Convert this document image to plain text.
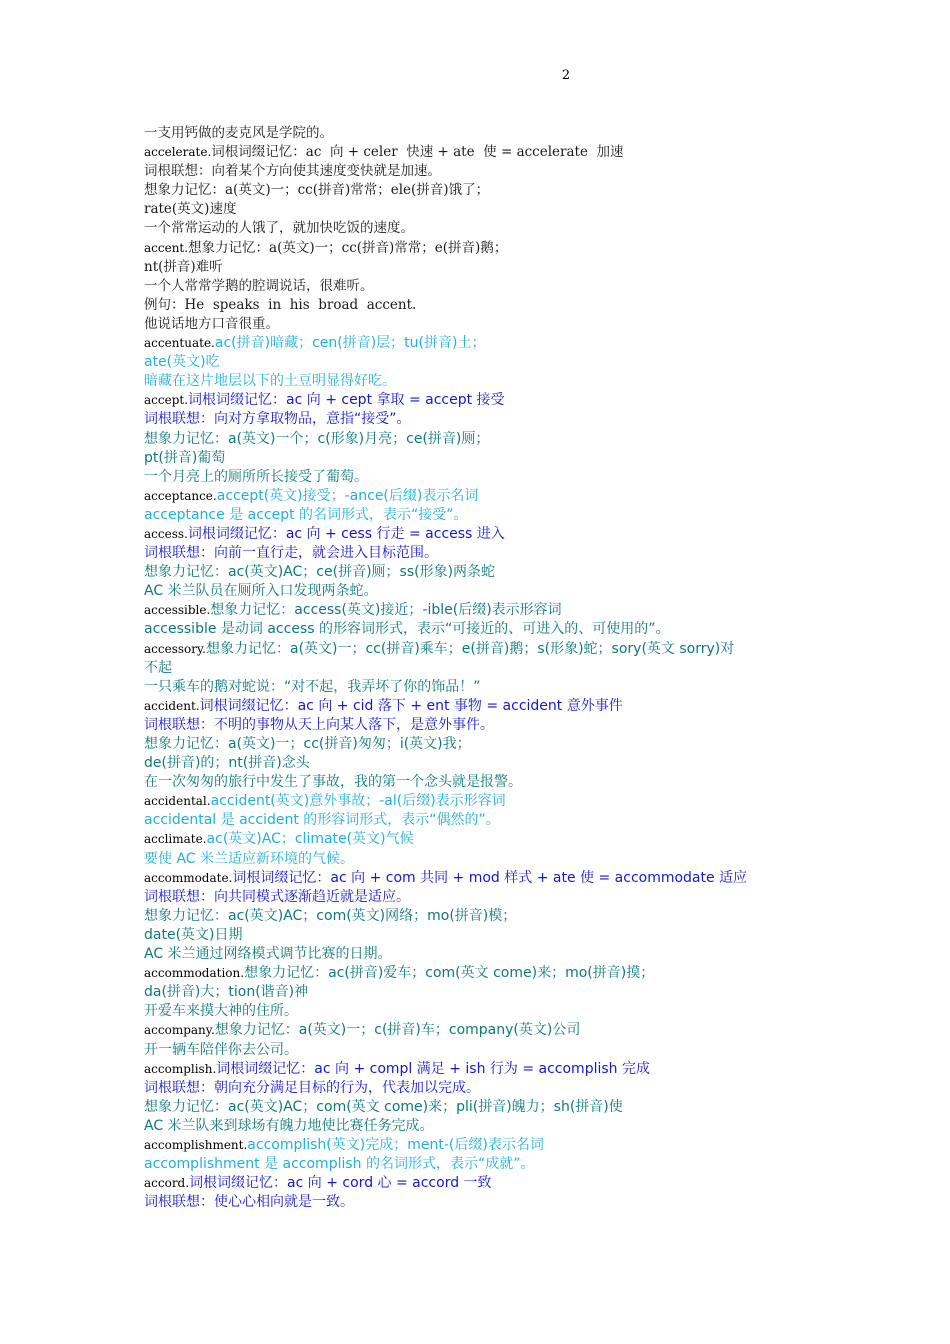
2
一支用钙做的麦克风是学院的。
accelerate.词根词缀记忆：ac  向 + celer  快速 + ate  使 = accelerate  加速
词根联想：向着某个方向使其速度变快就是加速。
想象力记忆：a(英文)一；cc(拼音)常常；ele(拼音)饿了；
rate(英文)速度
一个常常运动的人饿了，就加快吃饭的速度。
accent.想象力记忆：a(英文)一；cc(拼音)常常；e(拼音)鹅；
nt(拼音)难听
一个人常常学鹅的腔调说话，很难听。
例句：He  speaks  in  his  broad  accent.
他说话地方口音很重。
accentuate.ac(拼音)暗藏；cen(拼音)层；tu(拼音)土；
ate(英文)吃
暗藏在这片地层以下的土豆明显得好吃。
accept.词根词缀记忆：ac 向 + cept 拿取 = accept 接受
词根联想：向对方拿取物品，意指“接受”。
想象力记忆：a(英文)一个；c(形象)月亮；ce(拼音)厕；
pt(拼音)葡萄
一个月亮上的厕所所长接受了葡萄。
acceptance.accept(英文)接受；-ance(后缀)表示名词
acceptance 是 accept 的名词形式，表示“接受”。
access.词根词缀记忆：ac 向 + cess 行走 = access 进入
词根联想：向前一直行走，就会进入目标范围。
想象力记忆：ac(英文)AC；ce(拼音)厕；ss(形象)两条蛇
AC 米兰队员在厕所入口发现两条蛇。
accessible.想象力记忆：access(英文)接近；-ible(后缀)表示形容词
accessible 是动词 access 的形容词形式，表示“可接近的、可进入的、可使用的”。
accessory.想象力记忆：a(英文)一；cc(拼音)乘车；e(拼音)鹅；s(形象)蛇；sory(英文 sorry)对
不起
一只乘车的鹅对蛇说：“对不起，我弄坏了你的饰品！”
accident.词根词缀记忆：ac 向 + cid 落下 + ent 事物 = accident 意外事件
词根联想：不明的事物从天上向某人落下，是意外事件。
想象力记忆：a(英文)一；cc(拼音)匆匆；i(英文)我；
de(拼音)的；nt(拼音)念头
在一次匆匆的旅行中发生了事故，我的第一个念头就是报警。
accidental.accident(英文)意外事故；-al(后缀)表示形容词
accidental 是 accident 的形容词形式，表示“偶然的”。
acclimate.ac(英文)AC；climate(英文)气候
要使 AC 米兰适应新环境的气候。
accommodate.词根词缀记忆：ac 向 + com 共同 + mod 样式 + ate 使 = accommodate 适应
词根联想：向共同模式逐渐趋近就是适应。
想象力记忆：ac(英文)AC；com(英文)网络；mo(拼音)模；
date(英文)日期
AC 米兰通过网络模式调节比赛的日期。
accommodation.想象力记忆：ac(拼音)爱车；com(英文 come)来；mo(拼音)摸；
da(拼音)大；tion(谐音)神
开爱车来摸大神的住所。
accompany.想象力记忆：a(英文)一；c(拼音)车；company(英文)公司
开一辆车陪伴你去公司。
accomplish.词根词缀记忆：ac 向 + compl 满足 + ish 行为 = accomplish 完成
词根联想：朝向充分满足目标的行为，代表加以完成。
想象力记忆：ac(英文)AC；com(英文 come)来；pli(拼音)魄力；sh(拼音)使
AC 米兰队来到球场有魄力地使比赛任务完成。
accomplishment.accomplish(英文)完成；ment-(后缀)表示名词
accomplishment 是 accomplish 的名词形式，表示“成就”。
accord.词根词缀记忆：ac 向 + cord 心 = accord 一致
词根联想：使心心相向就是一致。
